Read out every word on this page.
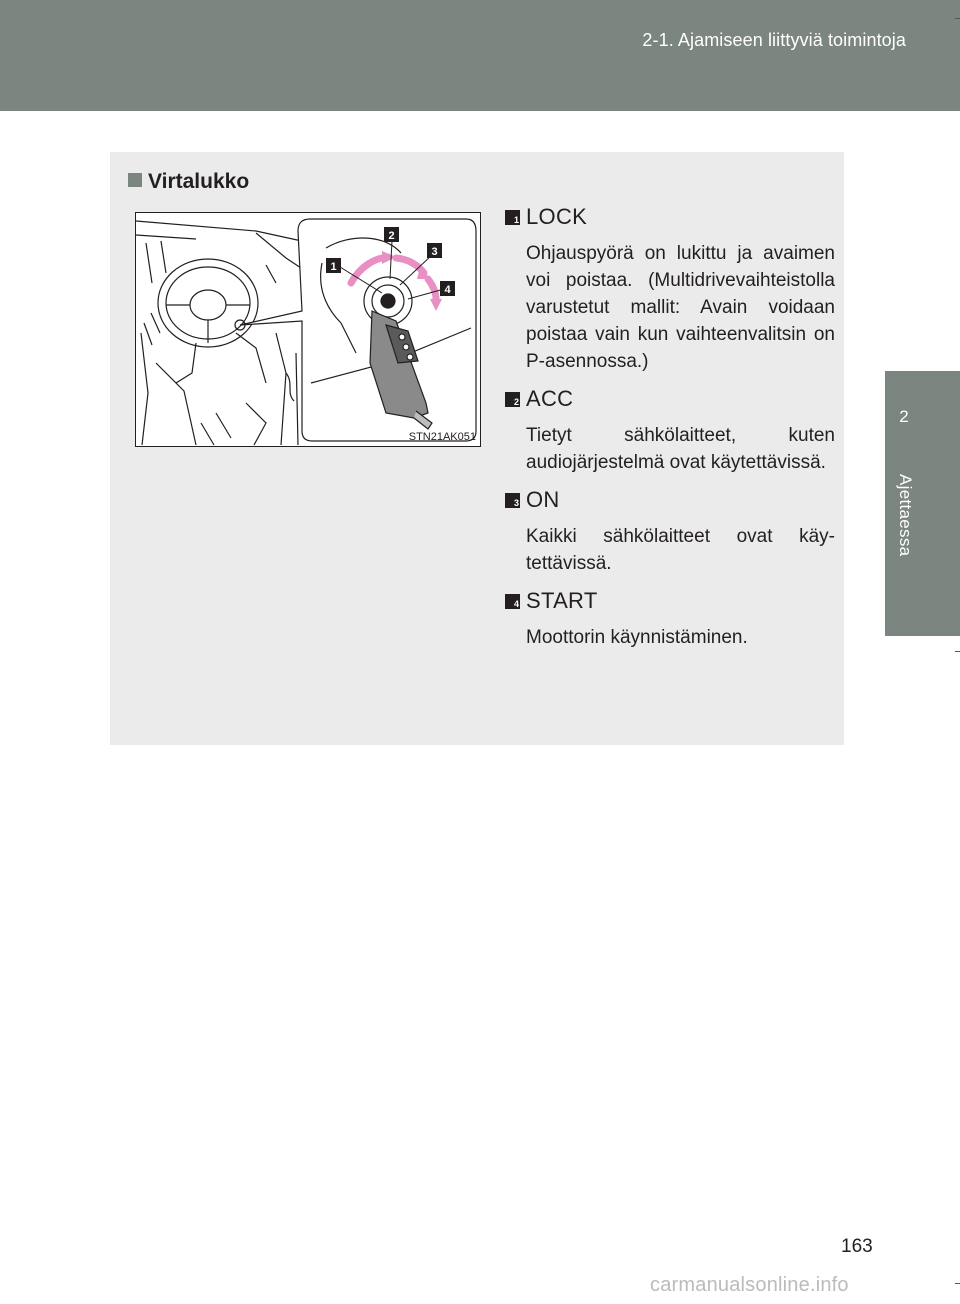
2-1. Ajamiseen liittyviä toimintoja
2
Ajettaessa
Virtalukko
1
2
3
4
STN21AK051
1 LOCK
Ohjauspyörä on lukittu ja avaimen voi poistaa. (Multidrivevaihteistolla varustetut mallit: Avain voidaan poistaa vain kun vaihteenvalitsin on P-asennossa.)
2 ACC
Tietyt sähkölaitteet, kuten audiojärjestelmä ovat käytettävissä.
3 ON
Kaikki sähkölaitteet ovat käytettävissä.
4 START
Moottorin käynnistäminen.
163
carmanualsonline.info
